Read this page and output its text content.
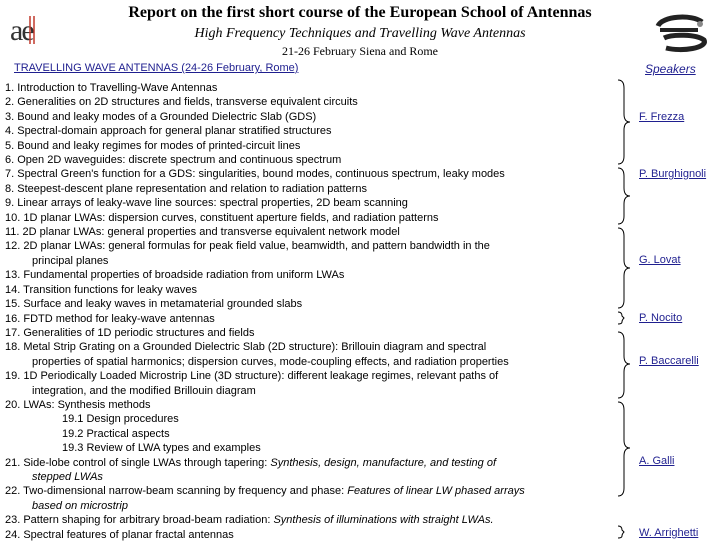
ae
Report on the first short course of the European School of Antennas
High Frequency Techniques and Travelling Wave Antennas
21-26 February Siena and Rome
TRAVELLING WAVE ANTENNAS (24-26 February, Rome)	Speakers
1. Introduction to Travelling-Wave Antennas
2. Generalities on 2D structures and fields, transverse equivalent circuits
3. Bound and leaky modes of a Grounded Dielectric Slab (GDS)
4. Spectral-domain approach for general planar stratified structures
5. Bound and leaky regimes for modes of printed-circuit lines
6. Open 2D waveguides: discrete spectrum and continuous spectrum
7. Spectral Green's function for a GDS: singularities, bound modes, continuous spectrum, leaky modes
8. Steepest-descent plane representation and relation to radiation patterns
9. Linear arrays of leaky-wave line sources: spectral properties, 2D beam scanning
10. 1D planar LWAs: dispersion curves, constituent aperture fields, and radiation patterns
11. 2D planar LWAs: general properties and transverse equivalent network model
12. 2D planar LWAs: general formulas for peak field value, beamwidth, and pattern bandwidth in the
principal planes
13. Fundamental properties of broadside radiation from uniform LWAs
14. Transition functions for leaky waves
15. Surface and leaky waves in metamaterial grounded slabs
16. FDTD method for leaky-wave antennas
17. Generalities of 1D periodic structures and fields
18. Metal Strip Grating on a Grounded Dielectric Slab (2D structure): Brillouin diagram and spectral
properties of spatial harmonics; dispersion curves, mode-coupling effects, and radiation properties
19. 1D Periodically Loaded Microstrip Line (3D structure): different leakage regimes, relevant paths of
integration, and the modified Brillouin diagram
20. LWAs: Synthesis methods
19.1 Design procedures
19.2 Practical aspects
19.3 Review of LWA types and examples
21. Side-lobe control of single LWAs through tapering: Synthesis, design, manufacture, and testing of
stepped LWAs
22. Two-dimensional narrow-beam scanning by frequency and phase: Features of linear LW phased arrays
based on microstrip
23. Pattern shaping for arbitrary broad-beam radiation: Synthesis of illuminations with straight LWAs.
24. Spectral features of planar fractal antennas
F. Frezza
P. Burghignoli
G. Lovat
P. Nocito
P. Baccarelli
A. Galli
W. Arrighetti
